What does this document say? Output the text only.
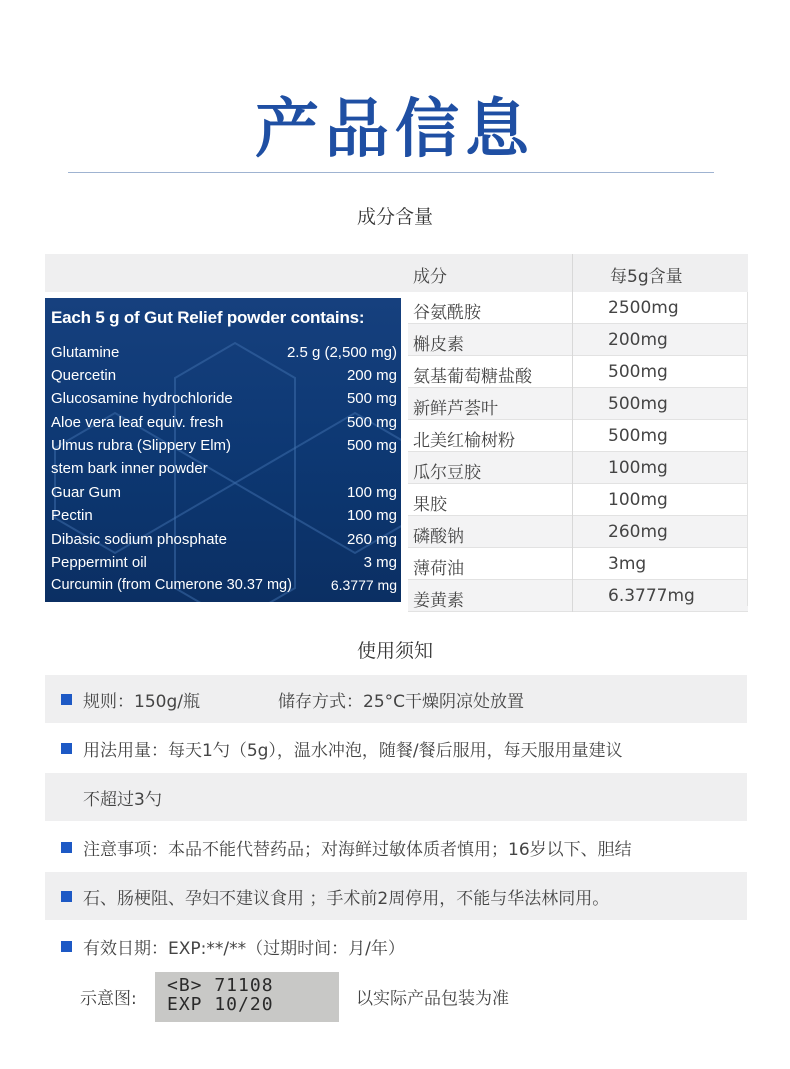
产品信息
成分含量
成分	每5g含量
Each 5 g of Gut Relief powder contains:
Glutamine	2.5 g (2,500 mg)
Quercetin	200 mg
Glucosamine hydrochloride	500 mg
Aloe vera leaf equiv. fresh	500 mg
Ulmus rubra (Slippery Elm)	500 mg
stem bark inner powder
Guar Gum	100 mg
Pectin	100 mg
Dibasic sodium phosphate	260 mg
Peppermint oil	3 mg
Curcumin (from Cumerone 30.37 mg)	6.3777 mg
谷氨酰胺	2500mg
槲皮素	200mg
氨基葡萄糖盐酸	500mg
新鲜芦荟叶	500mg
北美红榆树粉	500mg
瓜尔豆胶	100mg
果胶	100mg
磷酸钠	260mg
薄荷油	3mg
姜黄素	6.3777mg
使用须知
规则：150g/瓶	储存方式：25°C干燥阴凉处放置
用法用量：每天1勺（5g），温水冲泡，随餐/餐后服用，每天服用量建议
不超过3勺
注意事项：本品不能代替药品；对海鲜过敏体质者慎用；16岁以下、胆结
石、肠梗阻、孕妇不建议食用 ；手术前2周停用，不能与华法林同用。
有效日期：EXP:**/**（过期时间：月/年）
示意图:
<B> 71108
EXP 10/20	以实际产品包装为准
